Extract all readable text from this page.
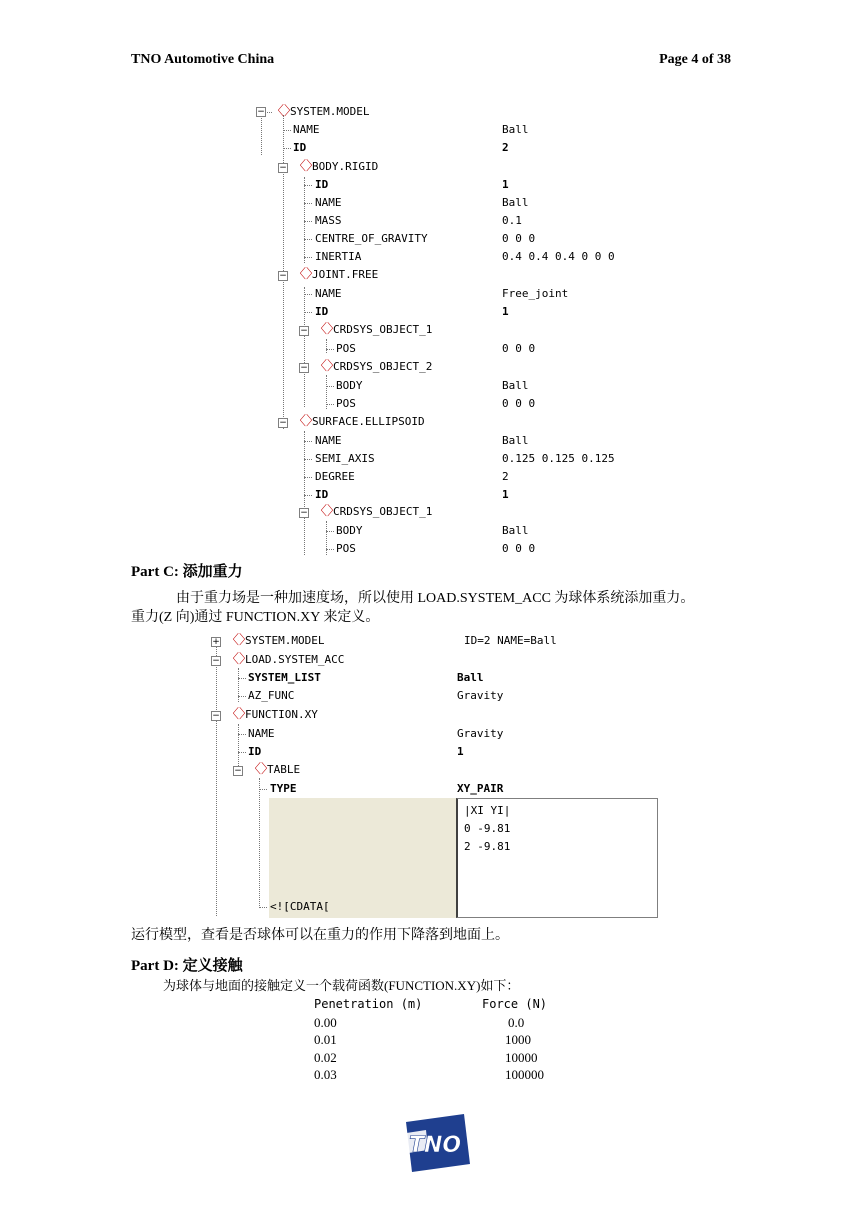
TNO Automotive China	Page 4 of 38
− 〈〉
SYSTEM.MODEL
NAME	Ball
ID	2
− 〈〉
BODY.RIGID
ID	1
NAME	Ball
MASS	0.1
CENTRE_OF_GRAVITY	0 0 0
INERTIA	0.4 0.4 0.4 0 0 0
− 〈〉
JOINT.FREE
NAME	Free_joint
ID	1
− 〈〉
CRDSYS_OBJECT_1
POS	0 0 0
− 〈〉
CRDSYS_OBJECT_2
BODY	Ball
POS	0 0 0
− 〈〉
SURFACE.ELLIPSOID
NAME	Ball
SEMI_AXIS	0.125 0.125 0.125
DEGREE	2
ID	1
− 〈〉
CRDSYS_OBJECT_1
BODY	Ball
POS	0 0 0
Part C: 添加重力
由于重力场是一种加速度场，所以使用 LOAD.SYSTEM_ACC 为球体系统添加重力。
重力(Z 向)通过 FUNCTION.XY 来定义。
+ 〈〉
SYSTEM.MODEL	ID=2 NAME=Ball
− 〈〉
LOAD.SYSTEM_ACC
SYSTEM_LIST	Ball
AZ_FUNC	Gravity
− 〈〉
FUNCTION.XY
NAME	Gravity
ID	1
− 〈〉
TABLE
TYPE	XY_PAIR
|XI YI|
0 -9.81
2 -9.81
<![CDATA[
运行模型，查看是否球体可以在重力的作用下降落到地面上。
Part D: 定义接触
为球体与地面的接触定义一个载荷函数(FUNCTION.XY)如下：
Penetration (m)	Force (N)
0.00	0.0
0.01	1000
0.02	10000
0.03	100000
TNO
